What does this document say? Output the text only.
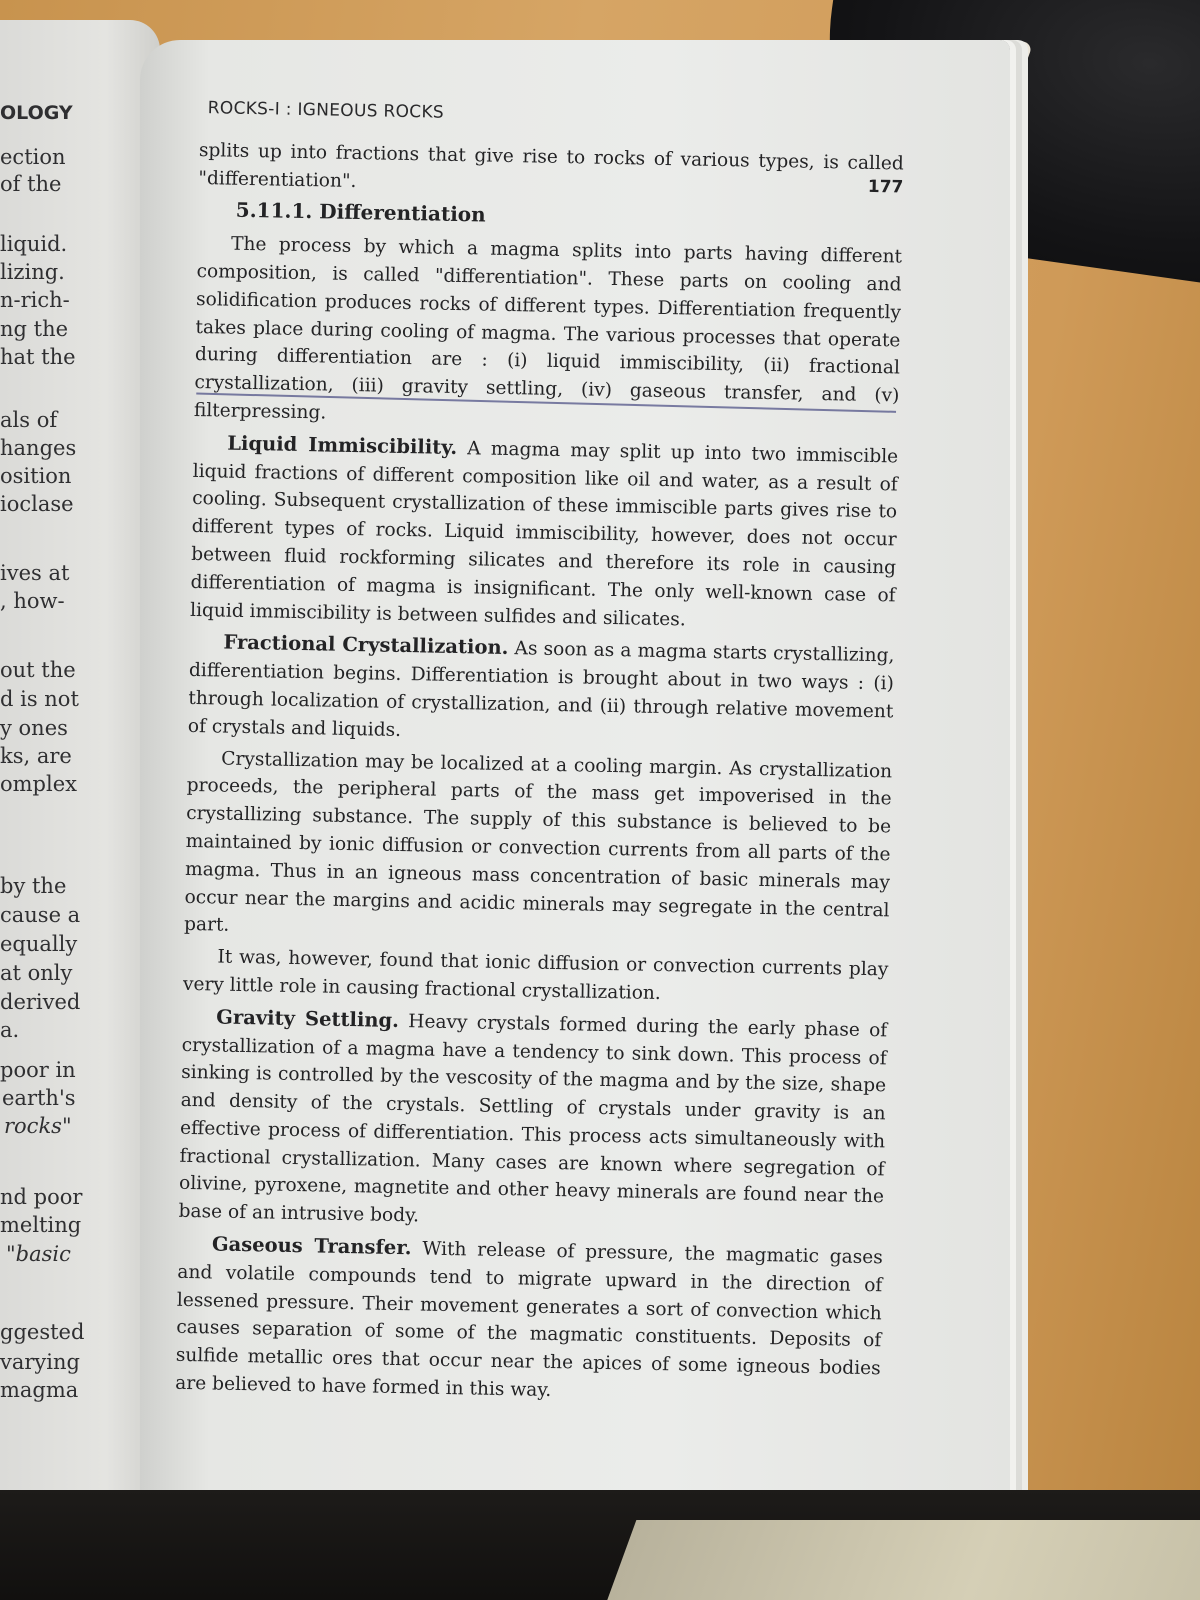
OLOGY
ection
of the
liquid.
lizing.
n-rich-
ng the
hat the
als of
hanges
osition
ioclase
ives at
, how-
out the
d is not
y ones
ks, are
omplex
by the
cause a
equally
at only
derived
a.
poor in
earth's
rocks"
nd poor
melting
"basic
ggested
varying
magma
ROCKS-I : IGNEOUS ROCKS
177

splits up into fractions that give rise to rocks of various types, is called "differentiation".

5.11.1. Differentiation

The process by which a magma splits into parts having different composition, is called "differentiation". These parts on cooling and solidification produces rocks of different types. Differentiation frequently takes place during cooling of magma. The various processes that operate during differentiation are : (i) liquid immiscibility, (ii) fractional crystallization, (iii) gravity settling, (iv) gaseous transfer, and (v) filterpressing.

Liquid Immiscibility. A magma may split up into two immiscible liquid fractions of different composition like oil and water, as a result of cooling. Subsequent crystallization of these immiscible parts gives rise to different types of rocks. Liquid immiscibility, however, does not occur between fluid rockforming silicates and therefore its role in causing differentiation of magma is insignificant. The only well-known case of liquid immiscibility is between sulfides and silicates.

Fractional Crystallization. As soon as a magma starts crystallizing, differentiation begins. Differentiation is brought about in two ways : (i) through localization of crystallization, and (ii) through relative movement of crystals and liquids.

Crystallization may be localized at a cooling margin. As crystallization proceeds, the peripheral parts of the mass get impoverised in the crystallizing substance. The supply of this substance is believed to be maintained by ionic diffusion or convection currents from all parts of the magma. Thus in an igneous mass concentration of basic minerals may occur near the margins and acidic minerals may segregate in the central part.

It was, however, found that ionic diffusion or convection currents play very little role in causing fractional crystallization.

Gravity Settling. Heavy crystals formed during the early phase of crystallization of a magma have a tendency to sink down. This process of sinking is controlled by the vescosity of the magma and by the size, shape and density of the crystals. Settling of crystals under gravity is an effective process of differentiation. This process acts simultaneously with fractional crystallization. Many cases are known where segregation of olivine, pyroxene, magnetite and other heavy minerals are found near the base of an intrusive body.

Gaseous Transfer. With release of pressure, the magmatic gases and volatile compounds tend to migrate upward in the direction of lessened pressure. Their movement generates a sort of convection which causes separation of some of the magmatic constituents. Deposits of sulfide metallic ores that occur near the apices of some igneous bodies are believed to have formed in this way.
